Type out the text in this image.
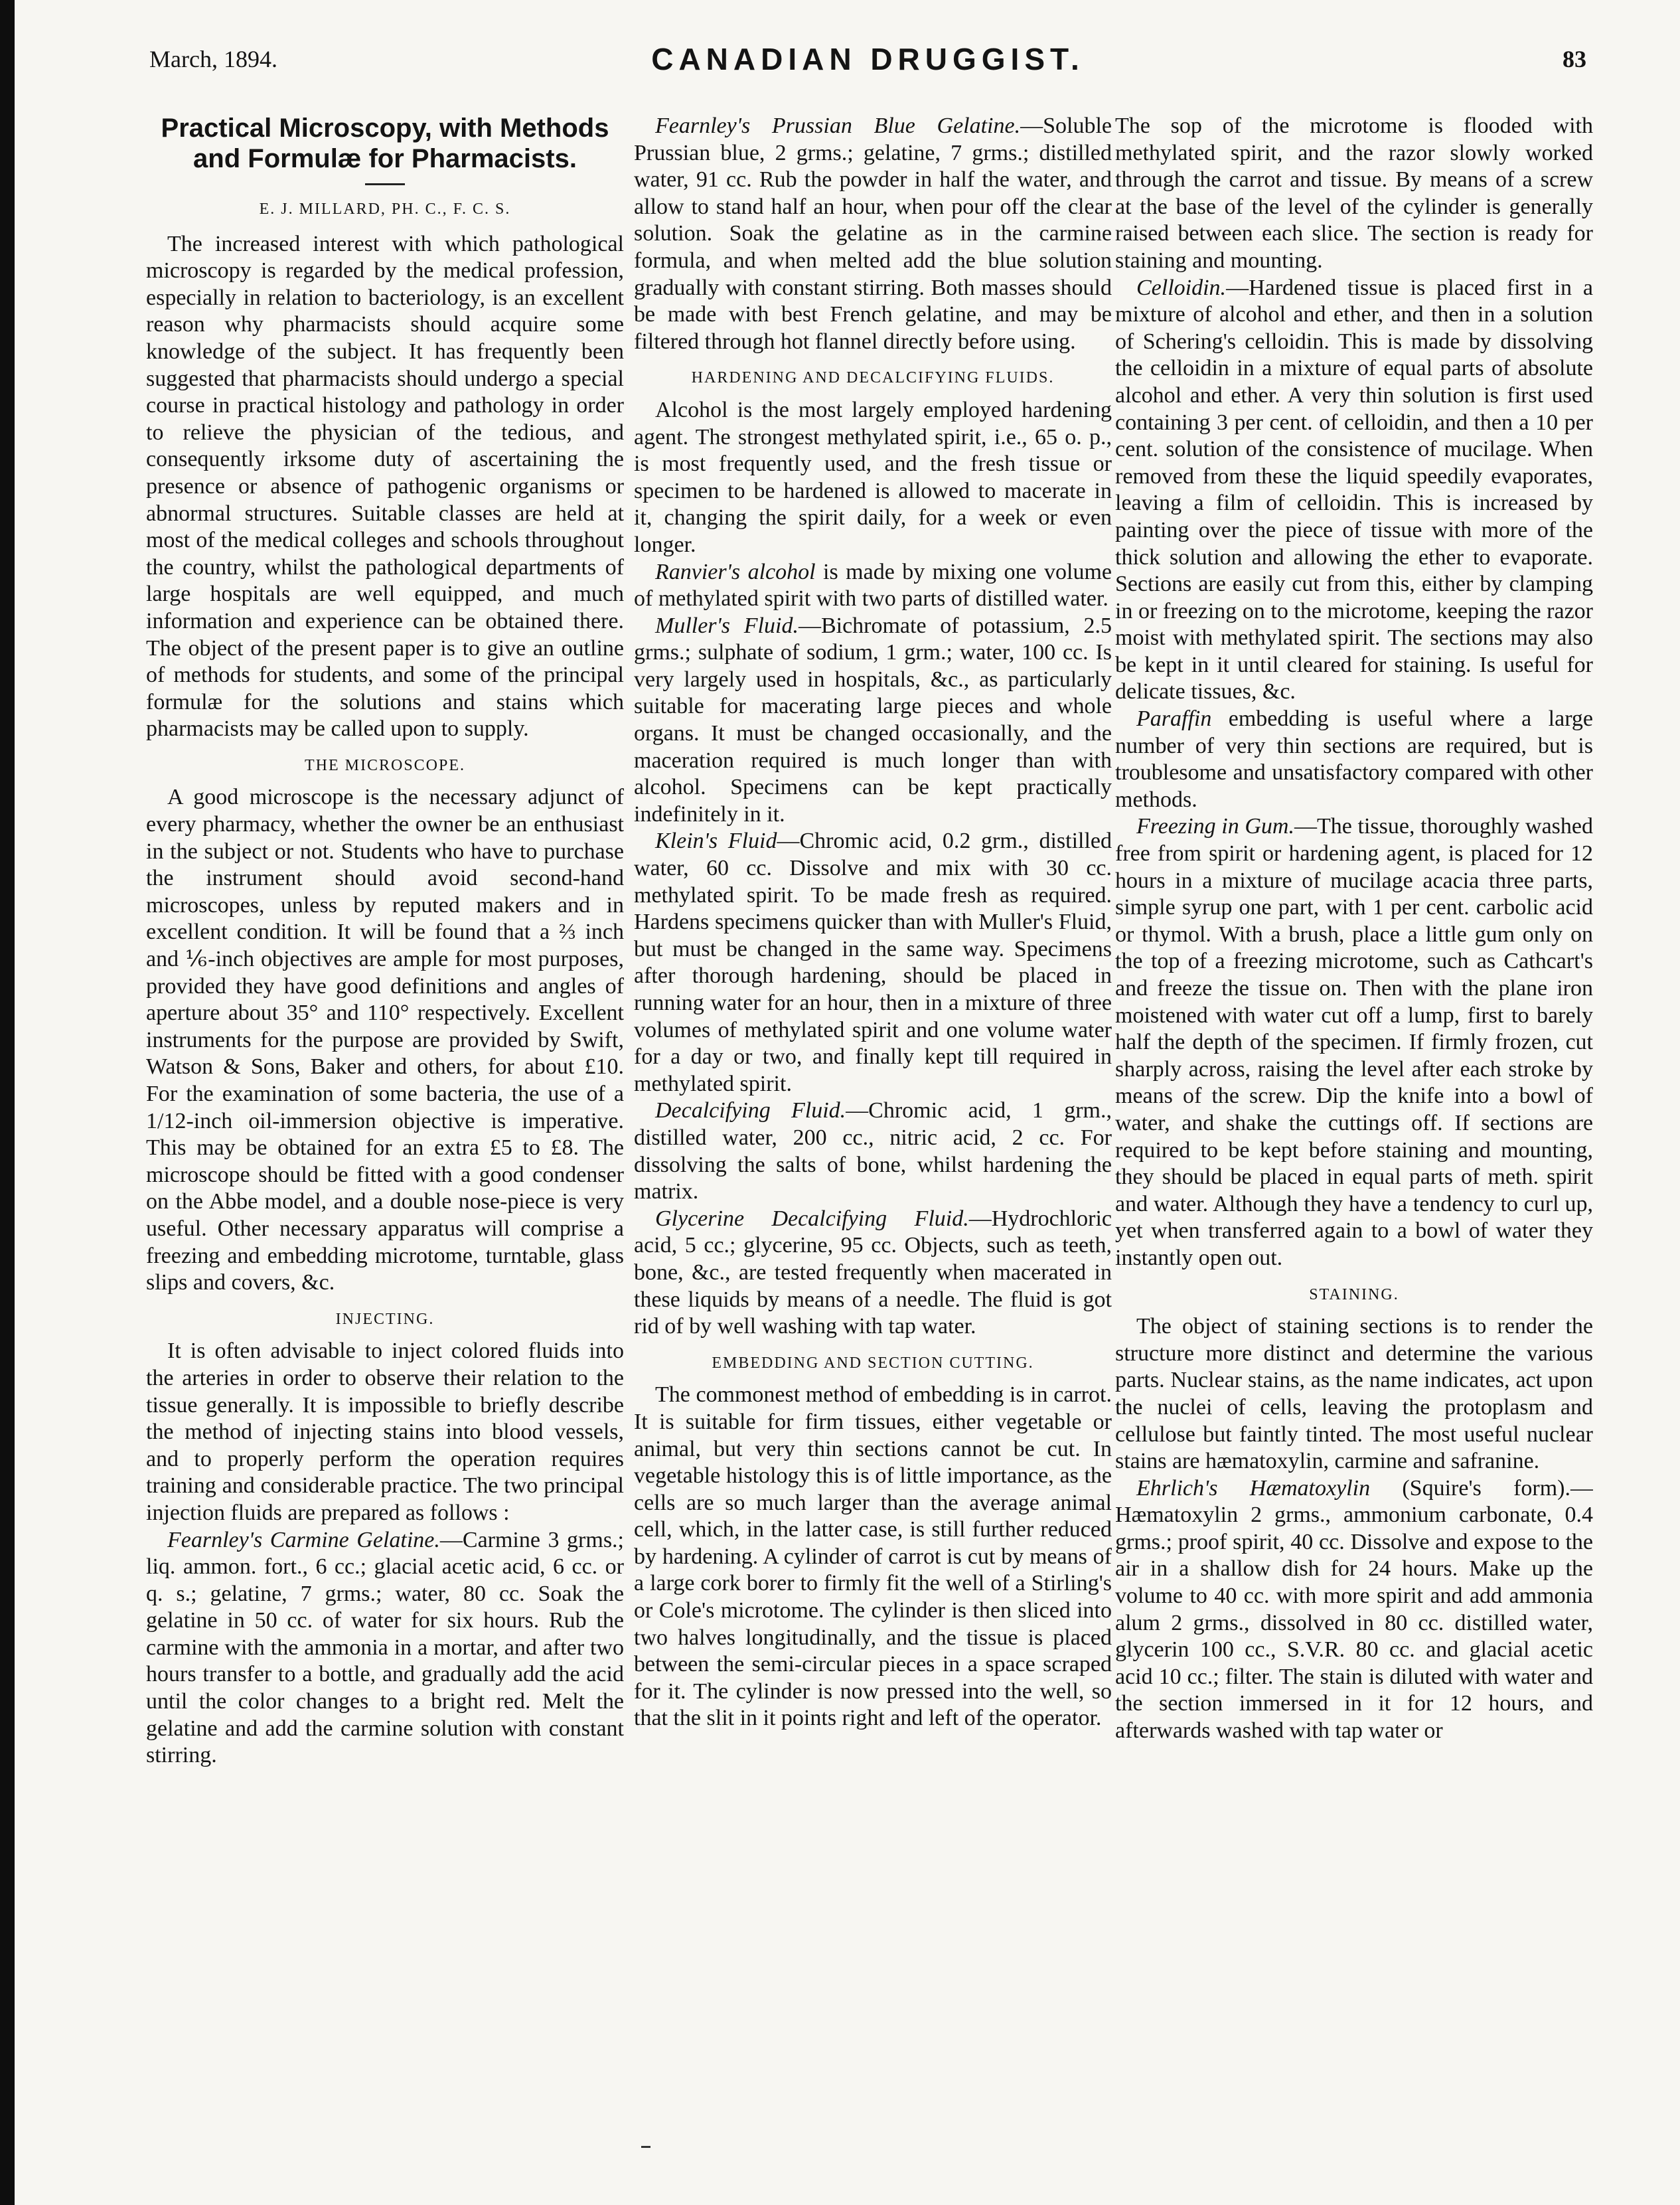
March, 1894.	CANADIAN DRUGGIST.	83
Practical Microscopy, with Methods and Formulæ for Pharmacists.
E. J. MILLARD, PH. C., F. C. S.

The increased interest with which pathological microscopy is regarded by the medical profession, especially in relation to bacteriology, is an excellent reason why pharmacists should acquire some knowledge of the subject. It has frequently been suggested that pharmacists should undergo a special course in practical histology and pathology in order to relieve the physician of the tedious, and consequently irksome duty of ascertaining the presence or absence of pathogenic organisms or abnormal structures. Suitable classes are held at most of the medical colleges and schools throughout the country, whilst the pathological departments of large hospitals are well equipped, and much information and experience can be obtained there. The object of the present paper is to give an outline of methods for students, and some of the principal formulæ for the solutions and stains which pharmacists may be called upon to supply.

THE MICROSCOPE.

A good microscope is the necessary adjunct of every pharmacy, whether the owner be an enthusiast in the subject or not. Students who have to purchase the instrument should avoid second-hand microscopes, unless by reputed makers and in excellent condition. It will be found that a ⅔ inch and ⅙-inch objectives are ample for most purposes, provided they have good definitions and angles of aperture about 35° and 110° respectively. Excellent instruments for the purpose are provided by Swift, Watson & Sons, Baker and others, for about £10. For the examination of some bacteria, the use of a 1/12-inch oil-immersion objective is imperative. This may be obtained for an extra £5 to £8. The microscope should be fitted with a good condenser on the Abbe model, and a double nose-piece is very useful. Other necessary apparatus will comprise a freezing and embedding microtome, turntable, glass slips and covers, &c.

INJECTING.

It is often advisable to inject colored fluids into the arteries in order to observe their relation to the tissue generally. It is impossible to briefly describe the method of injecting stains into blood vessels, and to properly perform the operation requires training and considerable practice. The two principal injection fluids are prepared as follows :

Fearnley's Carmine Gelatine.—Carmine 3 grms.; liq. ammon. fort., 6 cc.; glacial acetic acid, 6 cc. or q. s.; gelatine, 7 grms.; water, 80 cc. Soak the gelatine in 50 cc. of water for six hours. Rub the carmine with the ammonia in a mortar, and after two hours transfer to a bottle, and gradually add the acid until the color changes to a bright red. Melt the gelatine and add the carmine solution with constant stirring.

Fearnley's Prussian Blue Gelatine.—Soluble Prussian blue, 2 grms.; gelatine, 7 grms.; distilled water, 91 cc. Rub the powder in half the water, and allow to stand half an hour, when pour off the clear solution. Soak the gelatine as in the carmine formula, and when melted add the blue solution gradually with constant stirring. Both masses should be made with best French gelatine, and may be filtered through hot flannel directly before using.

HARDENING AND DECALCIFYING FLUIDS.

Alcohol is the most largely employed hardening agent. The strongest methylated spirit, i.e., 65 o. p., is most frequently used, and the fresh tissue or specimen to be hardened is allowed to macerate in it, changing the spirit daily, for a week or even longer.

Ranvier's alcohol is made by mixing one volume of methylated spirit with two parts of distilled water.

Muller's Fluid.—Bichromate of potassium, 2.5 grms.; sulphate of sodium, 1 grm.; water, 100 cc. Is very largely used in hospitals, &c., as particularly suitable for macerating large pieces and whole organs. It must be changed occasionally, and the maceration required is much longer than with alcohol. Specimens can be kept practically indefinitely in it.

Klein's Fluid—Chromic acid, 0.2 grm., distilled water, 60 cc. Dissolve and mix with 30 cc. methylated spirit. To be made fresh as required. Hardens specimens quicker than with Muller's Fluid, but must be changed in the same way. Specimens after thorough hardening, should be placed in running water for an hour, then in a mixture of three volumes of methylated spirit and one volume water for a day or two, and finally kept till required in methylated spirit.

Decalcifying Fluid.—Chromic acid, 1 grm., distilled water, 200 cc., nitric acid, 2 cc. For dissolving the salts of bone, whilst hardening the matrix.

Glycerine Decalcifying Fluid.—Hydrochloric acid, 5 cc.; glycerine, 95 cc. Objects, such as teeth, bone, &c., are tested frequently when macerated in these liquids by means of a needle. The fluid is got rid of by well washing with tap water.

EMBEDDING AND SECTION CUTTING.

The commonest method of embedding is in carrot. It is suitable for firm tissues, either vegetable or animal, but very thin sections cannot be cut. In vegetable histology this is of little importance, as the cells are so much larger than the average animal cell, which, in the latter case, is still further reduced by hardening. A cylinder of carrot is cut by means of a large cork borer to firmly fit the well of a Stirling's or Cole's microtome. The cylinder is then sliced into two halves longitudinally, and the tissue is placed between the semi-circular pieces in a space scraped for it. The cylinder is now pressed into the well, so that the slit in it points right and left of the operator.

The sop of the microtome is flooded with methylated spirit, and the razor slowly worked through the carrot and tissue. By means of a screw at the base of the level of the cylinder is generally raised between each slice. The section is ready for staining and mounting.

Celloidin.—Hardened tissue is placed first in a mixture of alcohol and ether, and then in a solution of Schering's celloidin. This is made by dissolving the celloidin in a mixture of equal parts of absolute alcohol and ether. A very thin solution is first used containing 3 per cent. of celloidin, and then a 10 per cent. solution of the consistence of mucilage. When removed from these the liquid speedily evaporates, leaving a film of celloidin. This is increased by painting over the piece of tissue with more of the thick solution and allowing the ether to evaporate. Sections are easily cut from this, either by clamping in or freezing on to the microtome, keeping the razor moist with methylated spirit. The sections may also be kept in it until cleared for staining. Is useful for delicate tissues, &c.

Paraffin embedding is useful where a large number of very thin sections are required, but is troublesome and unsatisfactory compared with other methods.

Freezing in Gum.—The tissue, thoroughly washed free from spirit or hardening agent, is placed for 12 hours in a mixture of mucilage acacia three parts, simple syrup one part, with 1 per cent. carbolic acid or thymol. With a brush, place a little gum only on the top of a freezing microtome, such as Cathcart's and freeze the tissue on. Then with the plane iron moistened with water cut off a lump, first to barely half the depth of the specimen. If firmly frozen, cut sharply across, raising the level after each stroke by means of the screw. Dip the knife into a bowl of water, and shake the cuttings off. If sections are required to be kept before staining and mounting, they should be placed in equal parts of meth. spirit and water. Although they have a tendency to curl up, yet when transferred again to a bowl of water they instantly open out.

STAINING.

The object of staining sections is to render the structure more distinct and determine the various parts. Nuclear stains, as the name indicates, act upon the nuclei of cells, leaving the protoplasm and cellulose but faintly tinted. The most useful nuclear stains are hæmatoxylin, carmine and safranine.

Ehrlich's Hæmatoxylin (Squire's form).—Hæmatoxylin 2 grms., ammonium carbonate, 0.4 grms.; proof spirit, 40 cc. Dissolve and expose to the air in a shallow dish for 24 hours. Make up the volume to 40 cc. with more spirit and add ammonia alum 2 grms., dissolved in 80 cc. distilled water, glycerin 100 cc., S.V.R. 80 cc. and glacial acetic acid 10 cc.; filter. The stain is diluted with water and the section immersed in it for 12 hours, and afterwards washed with tap water or
